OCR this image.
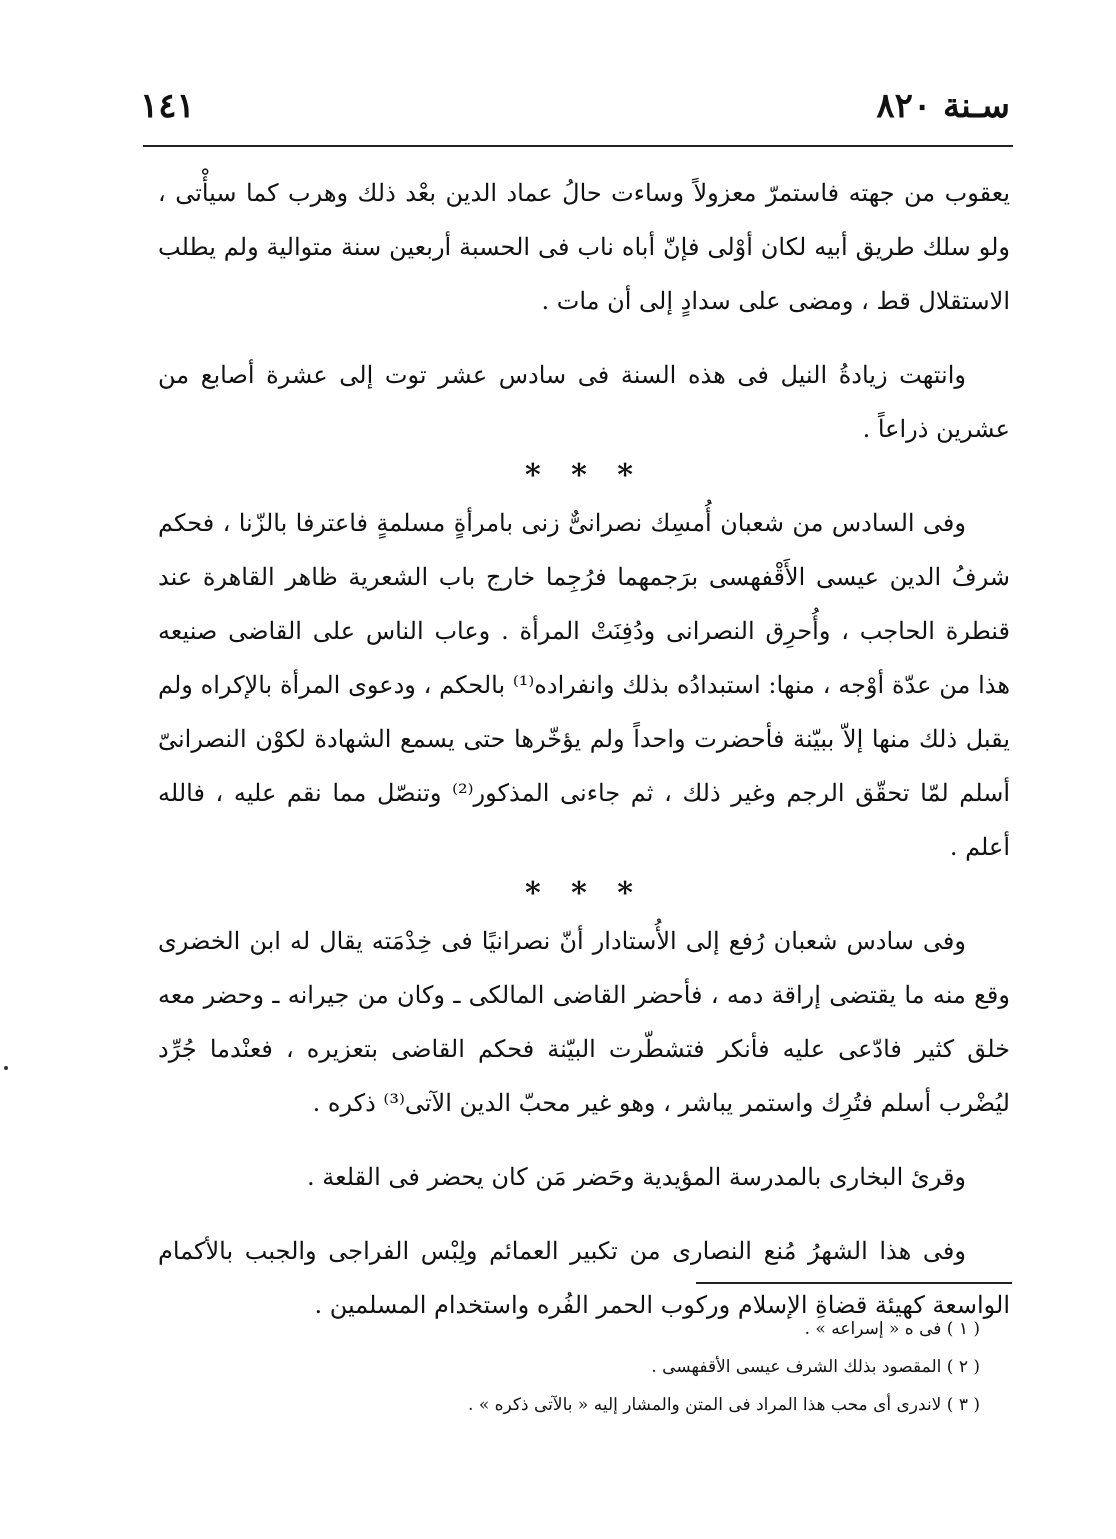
سـنة ٨٢٠
١٤١

يعقوب من جهته فاستمرّ معزولاً وساءت حالُ عماد الدين بعْد ذلك وهرب كما سيأْتى ، ولو سلك طريق أبيه لكان أوْلى فإنّ أباه ناب فى الحسبة أربعين سنة متوالية ولم يطلب الاستقلال قط ، ومضى على سدادٍ إلى أن مات .

وانتهت زيادةُ النيل فى هذه السنة فى سادس عشر توت إلى عشرة أصابع من عشرين ذراعاً .

* * *

وفى السادس من شعبان أُمسِك نصرانىٌّ زنى بامرأةٍ مسلمةٍ فاعترفا بالزّنا ، فحكم شرفُ الدين عيسى الأَقْفهسى برَجمهما فرُجِما خارج باب الشعرية ظاهر القاهرة عند قنطرة الحاجب ، وأُحرِق النصرانى ودُفِنَتْ المرأة . وعاب الناس على القاضى صنيعه هذا من عدّة أوْجه ، منها: استبدادُه بذلك وانفراده⁽¹⁾ بالحكم ، ودعوى المرأة بالإكراه ولم يقبل ذلك منها إلاّ ببيّنة فأحضرت واحداً ولم يؤخّرها حتى يسمع الشهادة لكوْن النصرانىّ أسلم لمّا تحقّق الرجم وغير ذلك ، ثم جاءنى المذكور⁽²⁾ وتنصّل مما نقم عليه ، فالله أعلم .

* * *

وفى سادس شعبان رُفع إلى الأُستادار أنّ نصرانيًا فى خِدْمَته يقال له ابن الخضرى وقع منه ما يقتضى إراقة دمه ، فأحضر القاضى المالكى ـ وكان من جيرانه ـ وحضر معه خلق كثير فادّعى عليه فأنكر فتشطّرت البيّنة فحكم القاضى بتعزيره ، فعنْدما جُرِّد ليُضْرب أسلم فتُرِك واستمر يباشر ، وهو غير محبّ الدين الآتى⁽³⁾ ذكره .

وقرئ البخارى بالمدرسة المؤيدية وحَضر مَن كان يحضر فى القلعة .

وفى هذا الشهرُ مُنع النصارى من تكبير العمائم ولِبْس الفراجى والجبب بالأكمام الواسعة كهيئة قضاةِ الإسلام وركوب الحمر الفُره واستخدام المسلمين .

( ١ ) فى ه « إسراعه » .
( ٢ ) المقصود بذلك الشرف عيسى الأقفهسى .
( ٣ ) لاندرى أى محب هذا المراد فى المتن والمشار إليه « بالآتى ذكره » .
